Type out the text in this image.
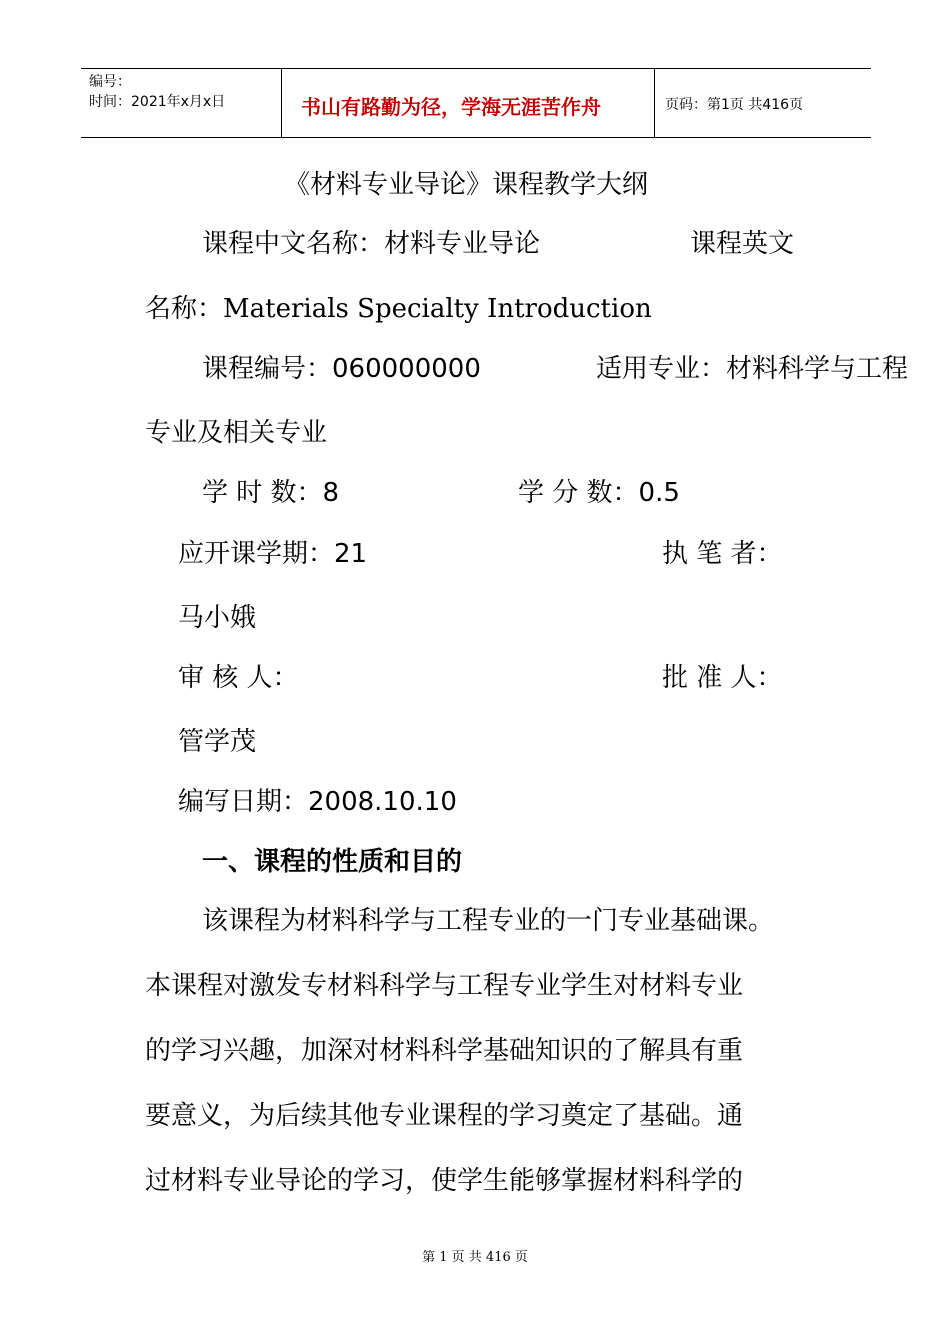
编号：
时间：2021年x月x日	书山有路勤为径，学海无涯苦作舟	页码：第1页 共416页
《材料专业导论》课程教学大纲
课程中文名称：材料专业导论	课程英文
名称：Materials Specialty Introduction
课程编号：060000000	适用专业：材料科学与工程
专业及相关专业
学 时 数：8	学 分 数：0.5
应开课学期：21	执 笔 者：
马小娥
审 核 人：	批 准 人：
管学茂
编写日期：2008.10.10
一、课程的性质和目的
该课程为材料科学与工程专业的一门专业基础课。
本课程对激发专材料科学与工程专业学生对材料专业
的学习兴趣，加深对材料科学基础知识的了解具有重
要意义，为后续其他专业课程的学习奠定了基础。通
过材料专业导论的学习，使学生能够掌握材料科学的
第 1 页 共 416 页
